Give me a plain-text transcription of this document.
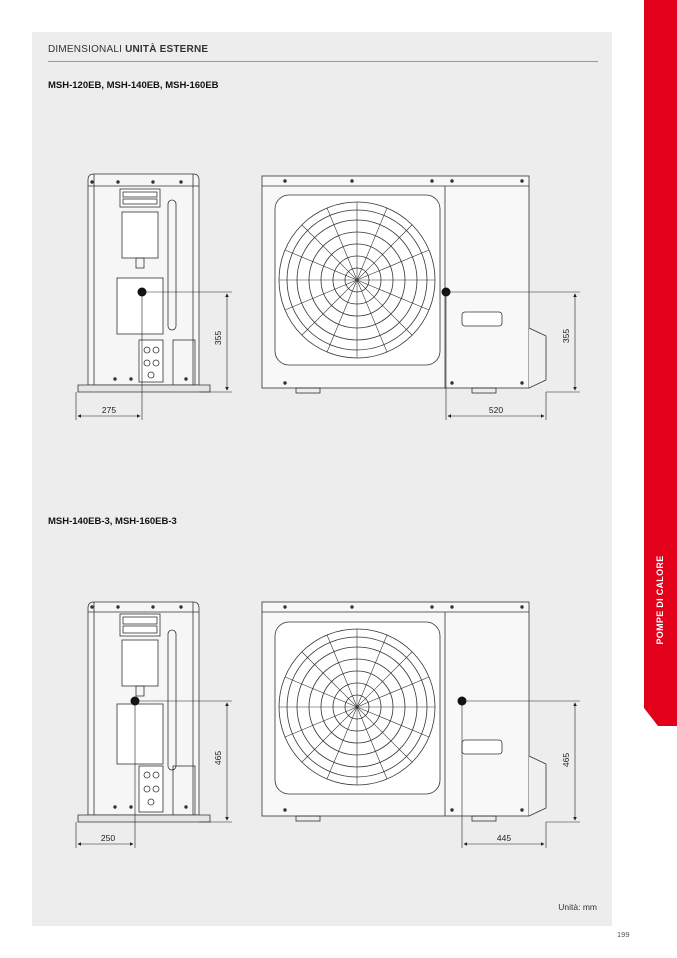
DIMENSIONALI UNITÀ ESTERNE
MSH-120EB, MSH-140EB, MSH-160EB
MSH-140EB-3, MSH-160EB-3
275
355
520
355
250
465
445
465
Unità: mm
199
POMPE DI CALORE
